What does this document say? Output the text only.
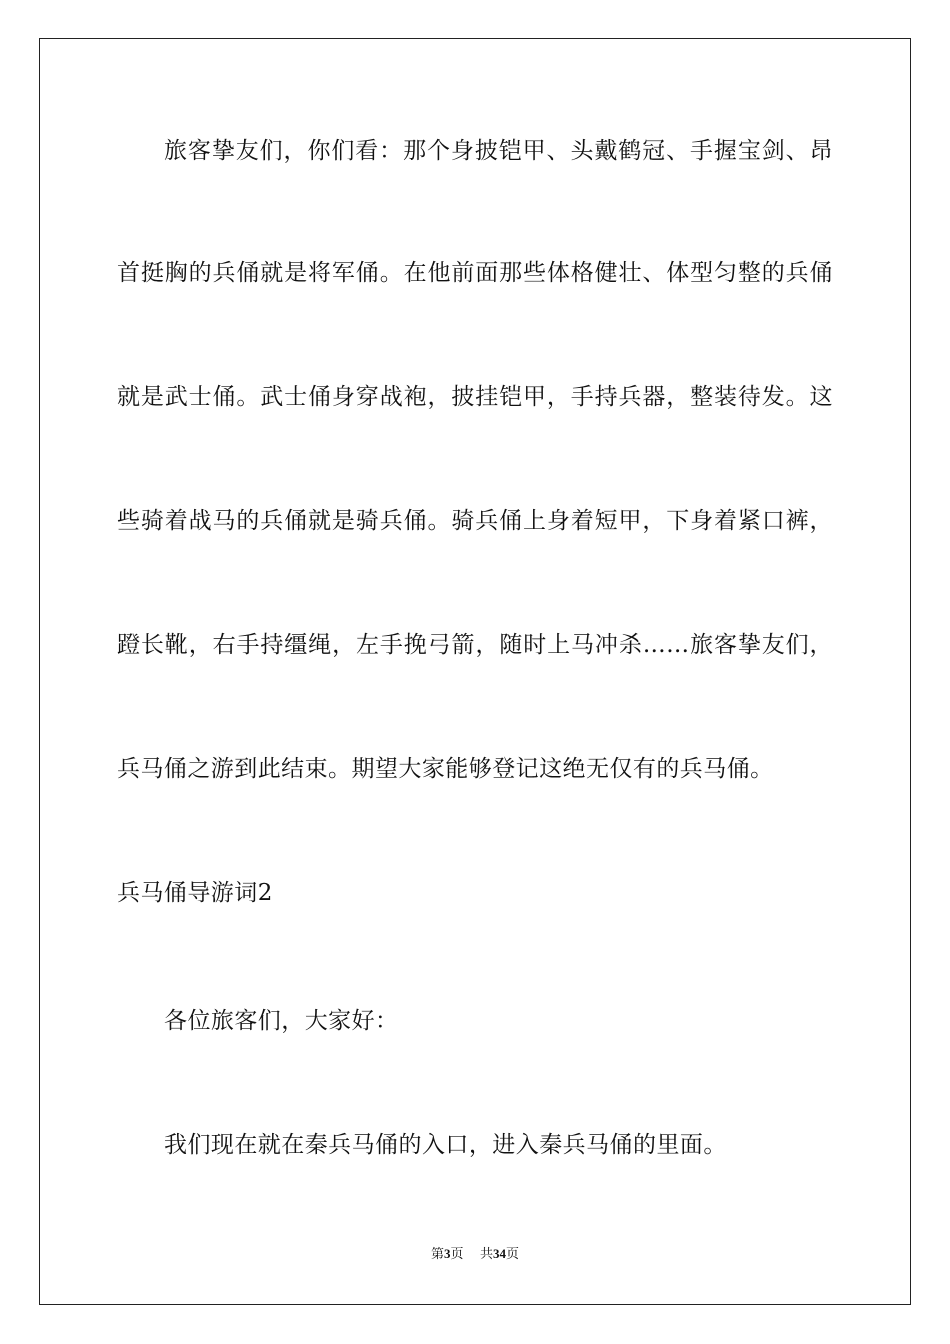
旅客挚友们，你们看：那个身披铠甲、头戴鹤冠、手握宝剑、昂
首挺胸的兵俑就是将军俑。在他前面那些体格健壮、体型匀整的兵俑
就是武士俑。武士俑身穿战袍，披挂铠甲，手持兵器，整装待发。这
些骑着战马的兵俑就是骑兵俑。骑兵俑上身着短甲，下身着紧口裤，
蹬长靴，右手持缰绳，左手挽弓箭，随时上马冲杀……旅客挚友们，
兵马俑之游到此结束。期望大家能够登记这绝无仅有的兵马俑。
兵马俑导游词2
各位旅客们，大家好：
我们现在就在秦兵马俑的入口，进入秦兵马俑的里面。
第3页 共34页
